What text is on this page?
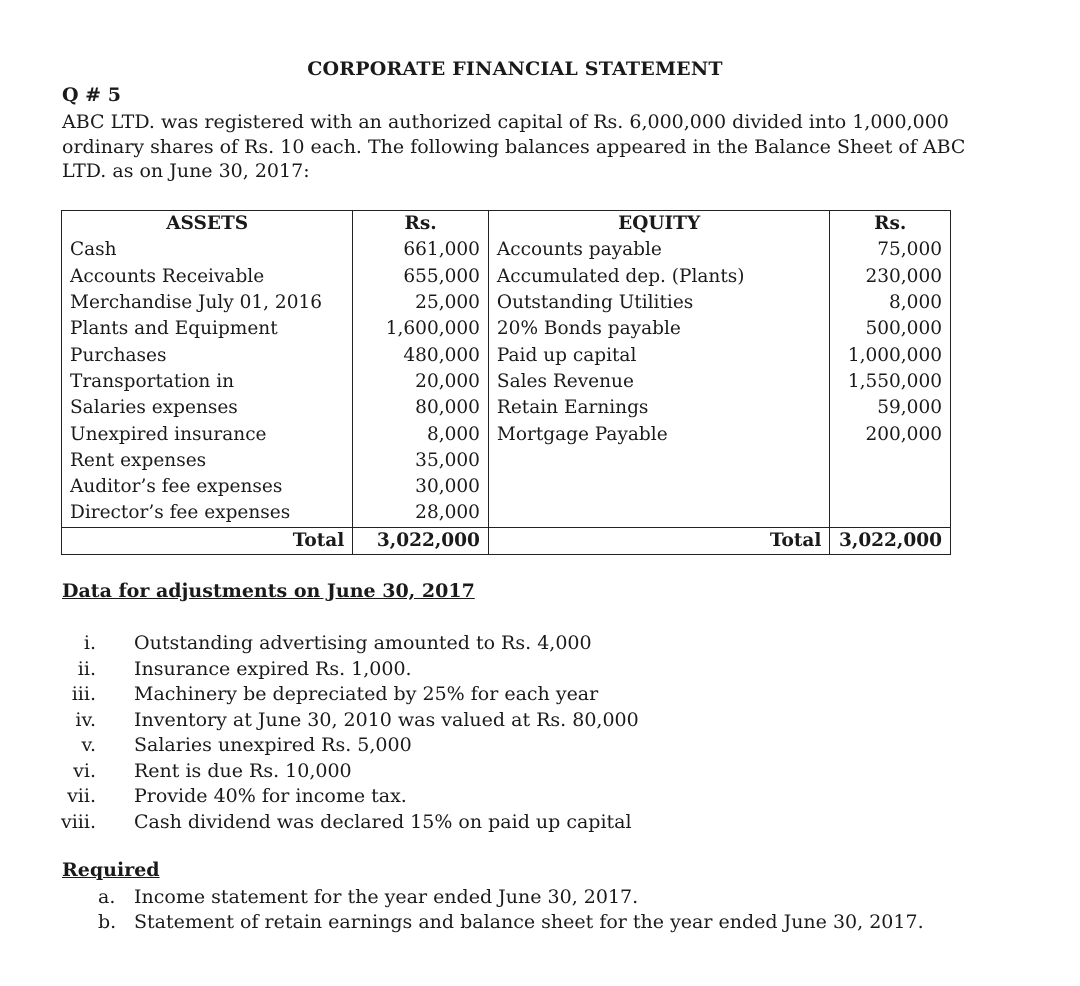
CORPORATE FINANCIAL STATEMENT
Q # 5
ABC LTD. was registered with an authorized capital of Rs. 6,000,000 divided into 1,000,000 ordinary shares of Rs. 10 each. The following balances appeared in the Balance Sheet of ABC LTD. as on June 30, 2017:
ASSETS	Rs.	EQUITY	Rs.
Cash	661,000	Accounts payable	75,000
Accounts Receivable	655,000	Accumulated dep. (Plants)	230,000
Merchandise July 01, 2016	25,000	Outstanding Utilities	8,000
Plants and Equipment	1,600,000	20% Bonds payable	500,000
Purchases	480,000	Paid up capital	1,000,000
Transportation in	20,000	Sales Revenue	1,550,000
Salaries expenses	80,000	Retain Earnings	59,000
Unexpired insurance	8,000	Mortgage Payable	200,000
Rent expenses	35,000		
Auditor’s fee expenses	30,000		
Director’s fee expenses	28,000		
Total	3,022,000	Total	3,022,000
Data for adjustments on June 30, 2017
i. Outstanding advertising amounted to Rs. 4,000
ii. Insurance expired Rs. 1,000.
iii. Machinery be depreciated by 25% for each year
iv. Inventory at June 30, 2010 was valued at Rs. 80,000
v. Salaries unexpired Rs. 5,000
vi. Rent is due Rs. 10,000
vii. Provide 40% for income tax.
viii. Cash dividend was declared 15% on paid up capital
Required
a. Income statement for the year ended June 30, 2017.
b. Statement of retain earnings and balance sheet for the year ended June 30, 2017.
